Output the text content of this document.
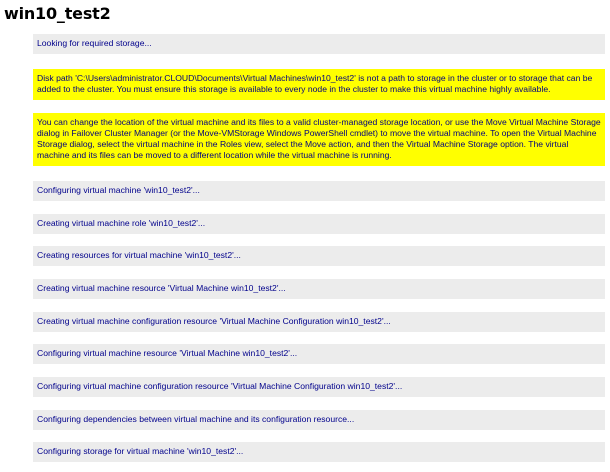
win10_test2
Looking for required storage...
Disk path 'C:\Users\administrator.CLOUD\Documents\Virtual Machines\win10_test2' is not a path to storage in the cluster or to storage that can be added to the cluster. You must ensure this storage is available to every node in the cluster to make this virtual machine highly available.
You can change the location of the virtual machine and its files to a valid cluster-managed storage location, or use the Move Virtual Machine Storage dialog in Failover Cluster Manager (or the Move-VMStorage Windows PowerShell cmdlet) to move the virtual machine. To open the Virtual Machine Storage dialog, select the virtual machine in the Roles view, select the Move action, and then the Virtual Machine Storage option. The virtual machine and its files can be moved to a different location while the virtual machine is running.
Configuring virtual machine 'win10_test2'...
Creating virtual machine role 'win10_test2'...
Creating resources for virtual machine 'win10_test2'...
Creating virtual machine resource 'Virtual Machine win10_test2'...
Creating virtual machine configuration resource 'Virtual Machine Configuration win10_test2'...
Configuring virtual machine resource 'Virtual Machine win10_test2'...
Configuring virtual machine configuration resource 'Virtual Machine Configuration win10_test2'...
Configuring dependencies between virtual machine and its configuration resource...
Configuring storage for virtual machine 'win10_test2'...
